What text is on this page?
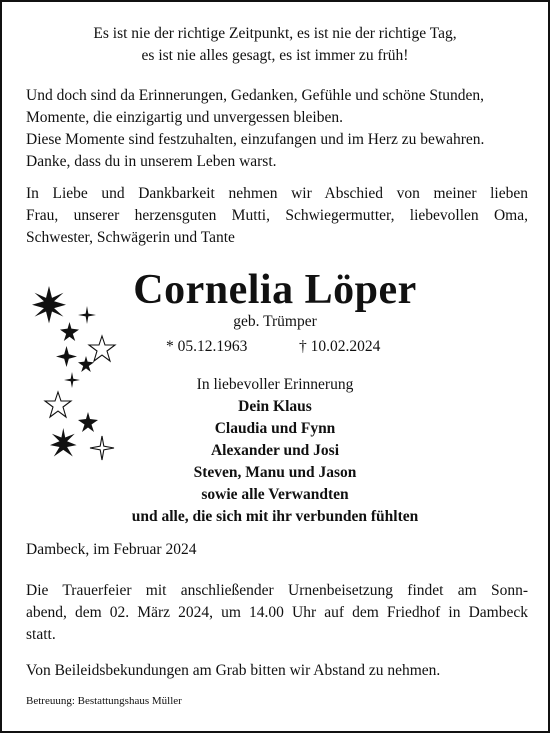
Es ist nie der richtige Zeitpunkt, es ist nie der richtige Tag,
es ist nie alles gesagt, es ist immer zu früh!
Und doch sind da Erinnerungen, Gedanken, Gefühle und schöne Stunden,
Momente, die einzigartig und unvergessen bleiben.
Diese Momente sind festzuhalten, einzufangen und im Herz zu bewahren.
Danke, dass du in unserem Leben warst.
In Liebe und Dankbarkeit nehmen wir Abschied von meiner lieben
Frau, unserer herzensguten Mutti, Schwiegermutter, liebevollen Oma,
Schwester, Schwägerin und Tante
Cornelia Löper
geb. Trümper
* 05.12.1963	† 10.02.2024
In liebevoller Erinnerung
Dein Klaus
Claudia und Fynn
Alexander und Josi
Steven, Manu und Jason
sowie alle Verwandten
und alle, die sich mit ihr verbunden fühlten
Dambeck, im Februar 2024
Die Trauerfeier mit anschließender Urnenbeisetzung findet am Sonn-
abend, dem 02. März 2024, um 14.00 Uhr auf dem Friedhof in Dambeck
statt.
Von Beileidsbekundungen am Grab bitten wir Abstand zu nehmen.
Betreuung: Bestattungshaus Müller
